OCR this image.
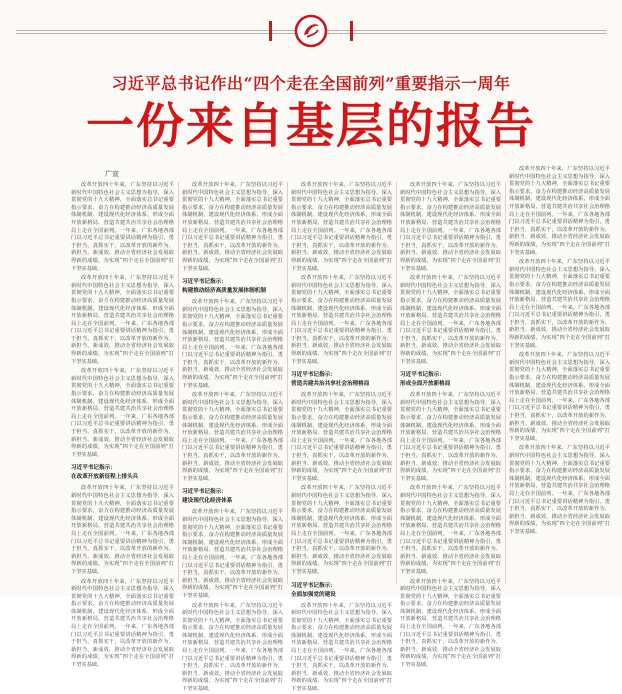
习近平总书记作出“四个走在全国前列”重要指示一周年
一份来自基层的报告
广宣

改革开放四十年来，广东坚持以习近平新时代中国特色社会主义思想为指导，深入贯彻党的十九大精神，全面落实总书记重要指示要求，奋力在构建推动经济高质量发展体制机制、建设现代化经济体系、形成全面开放新格局、营造共建共治共享社会治理格局上走在全国前列。一年来，广东各地各部门以习近平总书记重要讲话精神为指引，勇于担当，真抓实干，以改革开放的新作为、新担当、新成效，推动全省经济社会发展取得新的成绩，为实现“四个走在全国前列”打下坚实基础。

改革开放四十年来，广东坚持以习近平新时代中国特色社会主义思想为指导，深入贯彻党的十九大精神，全面落实总书记重要指示要求，奋力在构建推动经济高质量发展体制机制、建设现代化经济体系、形成全面开放新格局、营造共建共治共享社会治理格局上走在全国前列。一年来，广东各地各部门以习近平总书记重要讲话精神为指引，勇于担当，真抓实干，以改革开放的新作为、新担当、新成效，推动全省经济社会发展取得新的成绩，为实现“四个走在全国前列”打下坚实基础。

改革开放四十年来，广东坚持以习近平新时代中国特色社会主义思想为指导，深入贯彻党的十九大精神，全面落实总书记重要指示要求，奋力在构建推动经济高质量发展体制机制、建设现代化经济体系、形成全面开放新格局、营造共建共治共享社会治理格局上走在全国前列。一年来，广东各地各部门以习近平总书记重要讲话精神为指引，勇于担当，真抓实干，以改革开放的新作为、新担当、新成效，推动全省经济社会发展取得新的成绩，为实现“四个走在全国前列”打下坚实基础。

习近平书记指示：
在改革开放新征程上排头兵

改革开放四十年来，广东坚持以习近平新时代中国特色社会主义思想为指导，深入贯彻党的十九大精神，全面落实总书记重要指示要求，奋力在构建推动经济高质量发展体制机制、建设现代化经济体系、形成全面开放新格局、营造共建共治共享社会治理格局上走在全国前列。一年来，广东各地各部门以习近平总书记重要讲话精神为指引，勇于担当，真抓实干，以改革开放的新作为、新担当、新成效，推动全省经济社会发展取得新的成绩，为实现“四个走在全国前列”打下坚实基础。

改革开放四十年来，广东坚持以习近平新时代中国特色社会主义思想为指导，深入贯彻党的十九大精神，全面落实总书记重要指示要求，奋力在构建推动经济高质量发展体制机制、建设现代化经济体系、形成全面开放新格局、营造共建共治共享社会治理格局上走在全国前列。一年来，广东各地各部门以习近平总书记重要讲话精神为指引，勇于担当，真抓实干，以改革开放的新作为、新担当、新成效，推动全省经济社会发展取得新的成绩，为实现“四个走在全国前列”打下坚实基础。

改革开放四十年来，广东坚持以习近平新时代中国特色社会主义思想为指导，深入贯彻党的十九大精神，全面落实总书记重要指示要求，奋力在构建推动经济高质量发展体制机制、建设现代化经济体系、形成全面开放新格局、营造共建共治共享社会治理格局上走在全国前列。一年来，广东各地各部门以习近平总书记重要讲话精神为指引，勇于担当，真抓实干，以改革开放的新作为、新担当、新成效，推动全省经济社会发展取得新的成绩，为实现“四个走在全国前列”打下坚实基础。

习近平书记指示：
构建推动经济高质量发展体制机制

改革开放四十年来，广东坚持以习近平新时代中国特色社会主义思想为指导，深入贯彻党的十九大精神，全面落实总书记重要指示要求，奋力在构建推动经济高质量发展体制机制、建设现代化经济体系、形成全面开放新格局、营造共建共治共享社会治理格局上走在全国前列。一年来，广东各地各部门以习近平总书记重要讲话精神为指引，勇于担当，真抓实干，以改革开放的新作为、新担当、新成效，推动全省经济社会发展取得新的成绩，为实现“四个走在全国前列”打下坚实基础。

改革开放四十年来，广东坚持以习近平新时代中国特色社会主义思想为指导，深入贯彻党的十九大精神，全面落实总书记重要指示要求，奋力在构建推动经济高质量发展体制机制、建设现代化经济体系、形成全面开放新格局、营造共建共治共享社会治理格局上走在全国前列。一年来，广东各地各部门以习近平总书记重要讲话精神为指引，勇于担当，真抓实干，以改革开放的新作为、新担当、新成效，推动全省经济社会发展取得新的成绩，为实现“四个走在全国前列”打下坚实基础。

习近平书记指示：
建设现代化经济体系

改革开放四十年来，广东坚持以习近平新时代中国特色社会主义思想为指导，深入贯彻党的十九大精神，全面落实总书记重要指示要求，奋力在构建推动经济高质量发展体制机制、建设现代化经济体系、形成全面开放新格局、营造共建共治共享社会治理格局上走在全国前列。一年来，广东各地各部门以习近平总书记重要讲话精神为指引，勇于担当，真抓实干，以改革开放的新作为、新担当、新成效，推动全省经济社会发展取得新的成绩，为实现“四个走在全国前列”打下坚实基础。

改革开放四十年来，广东坚持以习近平新时代中国特色社会主义思想为指导，深入贯彻党的十九大精神，全面落实总书记重要指示要求，奋力在构建推动经济高质量发展体制机制、建设现代化经济体系、形成全面开放新格局、营造共建共治共享社会治理格局上走在全国前列。一年来，广东各地各部门以习近平总书记重要讲话精神为指引，勇于担当，真抓实干，以改革开放的新作为、新担当、新成效，推动全省经济社会发展取得新的成绩，为实现“四个走在全国前列”打下坚实基础。

改革开放四十年来，广东坚持以习近平新时代中国特色社会主义思想为指导，深入贯彻党的十九大精神，全面落实总书记重要指示要求，奋力在构建推动经济高质量发展体制机制、建设现代化经济体系、形成全面开放新格局、营造共建共治共享社会治理格局上走在全国前列。一年来，广东各地各部门以习近平总书记重要讲话精神为指引，勇于担当，真抓实干，以改革开放的新作为、新担当、新成效，推动全省经济社会发展取得新的成绩，为实现“四个走在全国前列”打下坚实基础。

改革开放四十年来，广东坚持以习近平新时代中国特色社会主义思想为指导，深入贯彻党的十九大精神，全面落实总书记重要指示要求，奋力在构建推动经济高质量发展体制机制、建设现代化经济体系、形成全面开放新格局、营造共建共治共享社会治理格局上走在全国前列。一年来，广东各地各部门以习近平总书记重要讲话精神为指引，勇于担当，真抓实干，以改革开放的新作为、新担当、新成效，推动全省经济社会发展取得新的成绩，为实现“四个走在全国前列”打下坚实基础。

习近平书记指示：
营造共建共治共享社会治理格局

改革开放四十年来，广东坚持以习近平新时代中国特色社会主义思想为指导，深入贯彻党的十九大精神，全面落实总书记重要指示要求，奋力在构建推动经济高质量发展体制机制、建设现代化经济体系、形成全面开放新格局、营造共建共治共享社会治理格局上走在全国前列。一年来，广东各地各部门以习近平总书记重要讲话精神为指引，勇于担当，真抓实干，以改革开放的新作为、新担当、新成效，推动全省经济社会发展取得新的成绩，为实现“四个走在全国前列”打下坚实基础。

改革开放四十年来，广东坚持以习近平新时代中国特色社会主义思想为指导，深入贯彻党的十九大精神，全面落实总书记重要指示要求，奋力在构建推动经济高质量发展体制机制、建设现代化经济体系、形成全面开放新格局、营造共建共治共享社会治理格局上走在全国前列。一年来，广东各地各部门以习近平总书记重要讲话精神为指引，勇于担当，真抓实干，以改革开放的新作为、新担当、新成效，推动全省经济社会发展取得新的成绩，为实现“四个走在全国前列”打下坚实基础。

习近平书记指示：
全面加强党的建设

改革开放四十年来，广东坚持以习近平新时代中国特色社会主义思想为指导，深入贯彻党的十九大精神，全面落实总书记重要指示要求，奋力在构建推动经济高质量发展体制机制、建设现代化经济体系、形成全面开放新格局、营造共建共治共享社会治理格局上走在全国前列。一年来，广东各地各部门以习近平总书记重要讲话精神为指引，勇于担当，真抓实干，以改革开放的新作为、新担当、新成效，推动全省经济社会发展取得新的成绩，为实现“四个走在全国前列”打下坚实基础。

改革开放四十年来，广东坚持以习近平新时代中国特色社会主义思想为指导，深入贯彻党的十九大精神，全面落实总书记重要指示要求，奋力在构建推动经济高质量发展体制机制、建设现代化经济体系、形成全面开放新格局、营造共建共治共享社会治理格局上走在全国前列。一年来，广东各地各部门以习近平总书记重要讲话精神为指引，勇于担当，真抓实干，以改革开放的新作为、新担当、新成效，推动全省经济社会发展取得新的成绩，为实现“四个走在全国前列”打下坚实基础。

改革开放四十年来，广东坚持以习近平新时代中国特色社会主义思想为指导，深入贯彻党的十九大精神，全面落实总书记重要指示要求，奋力在构建推动经济高质量发展体制机制、建设现代化经济体系、形成全面开放新格局、营造共建共治共享社会治理格局上走在全国前列。一年来，广东各地各部门以习近平总书记重要讲话精神为指引，勇于担当，真抓实干，以改革开放的新作为、新担当、新成效，推动全省经济社会发展取得新的成绩，为实现“四个走在全国前列”打下坚实基础。

习近平书记指示：
形成全面开放新格局

改革开放四十年来，广东坚持以习近平新时代中国特色社会主义思想为指导，深入贯彻党的十九大精神，全面落实总书记重要指示要求，奋力在构建推动经济高质量发展体制机制、建设现代化经济体系、形成全面开放新格局、营造共建共治共享社会治理格局上走在全国前列。一年来，广东各地各部门以习近平总书记重要讲话精神为指引，勇于担当，真抓实干，以改革开放的新作为、新担当、新成效，推动全省经济社会发展取得新的成绩，为实现“四个走在全国前列”打下坚实基础。

改革开放四十年来，广东坚持以习近平新时代中国特色社会主义思想为指导，深入贯彻党的十九大精神，全面落实总书记重要指示要求，奋力在构建推动经济高质量发展体制机制、建设现代化经济体系、形成全面开放新格局、营造共建共治共享社会治理格局上走在全国前列。一年来，广东各地各部门以习近平总书记重要讲话精神为指引，勇于担当，真抓实干，以改革开放的新作为、新担当、新成效，推动全省经济社会发展取得新的成绩，为实现“四个走在全国前列”打下坚实基础。

改革开放四十年来，广东坚持以习近平新时代中国特色社会主义思想为指导，深入贯彻党的十九大精神，全面落实总书记重要指示要求，奋力在构建推动经济高质量发展体制机制、建设现代化经济体系、形成全面开放新格局、营造共建共治共享社会治理格局上走在全国前列。一年来，广东各地各部门以习近平总书记重要讲话精神为指引，勇于担当，真抓实干，以改革开放的新作为、新担当、新成效，推动全省经济社会发展取得新的成绩，为实现“四个走在全国前列”打下坚实基础。

改革开放四十年来，广东坚持以习近平新时代中国特色社会主义思想为指导，深入贯彻党的十九大精神，全面落实总书记重要指示要求，奋力在构建推动经济高质量发展体制机制、建设现代化经济体系、形成全面开放新格局、营造共建共治共享社会治理格局上走在全国前列。一年来，广东各地各部门以习近平总书记重要讲话精神为指引，勇于担当，真抓实干，以改革开放的新作为、新担当、新成效，推动全省经济社会发展取得新的成绩，为实现“四个走在全国前列”打下坚实基础。

改革开放四十年来，广东坚持以习近平新时代中国特色社会主义思想为指导，深入贯彻党的十九大精神，全面落实总书记重要指示要求，奋力在构建推动经济高质量发展体制机制、建设现代化经济体系、形成全面开放新格局、营造共建共治共享社会治理格局上走在全国前列。一年来，广东各地各部门以习近平总书记重要讲话精神为指引，勇于担当，真抓实干，以改革开放的新作为、新担当、新成效，推动全省经济社会发展取得新的成绩，为实现“四个走在全国前列”打下坚实基础。

改革开放四十年来，广东坚持以习近平新时代中国特色社会主义思想为指导，深入贯彻党的十九大精神，全面落实总书记重要指示要求，奋力在构建推动经济高质量发展体制机制、建设现代化经济体系、形成全面开放新格局、营造共建共治共享社会治理格局上走在全国前列。一年来，广东各地各部门以习近平总书记重要讲话精神为指引，勇于担当，真抓实干，以改革开放的新作为、新担当、新成效，推动全省经济社会发展取得新的成绩，为实现“四个走在全国前列”打下坚实基础。

改革开放四十年来，广东坚持以习近平新时代中国特色社会主义思想为指导，深入贯彻党的十九大精神，全面落实总书记重要指示要求，奋力在构建推动经济高质量发展体制机制、建设现代化经济体系、形成全面开放新格局、营造共建共治共享社会治理格局上走在全国前列。一年来，广东各地各部门以习近平总书记重要讲话精神为指引，勇于担当，真抓实干，以改革开放的新作为、新担当、新成效，推动全省经济社会发展取得新的成绩，为实现“四个走在全国前列”打下坚实基础。
